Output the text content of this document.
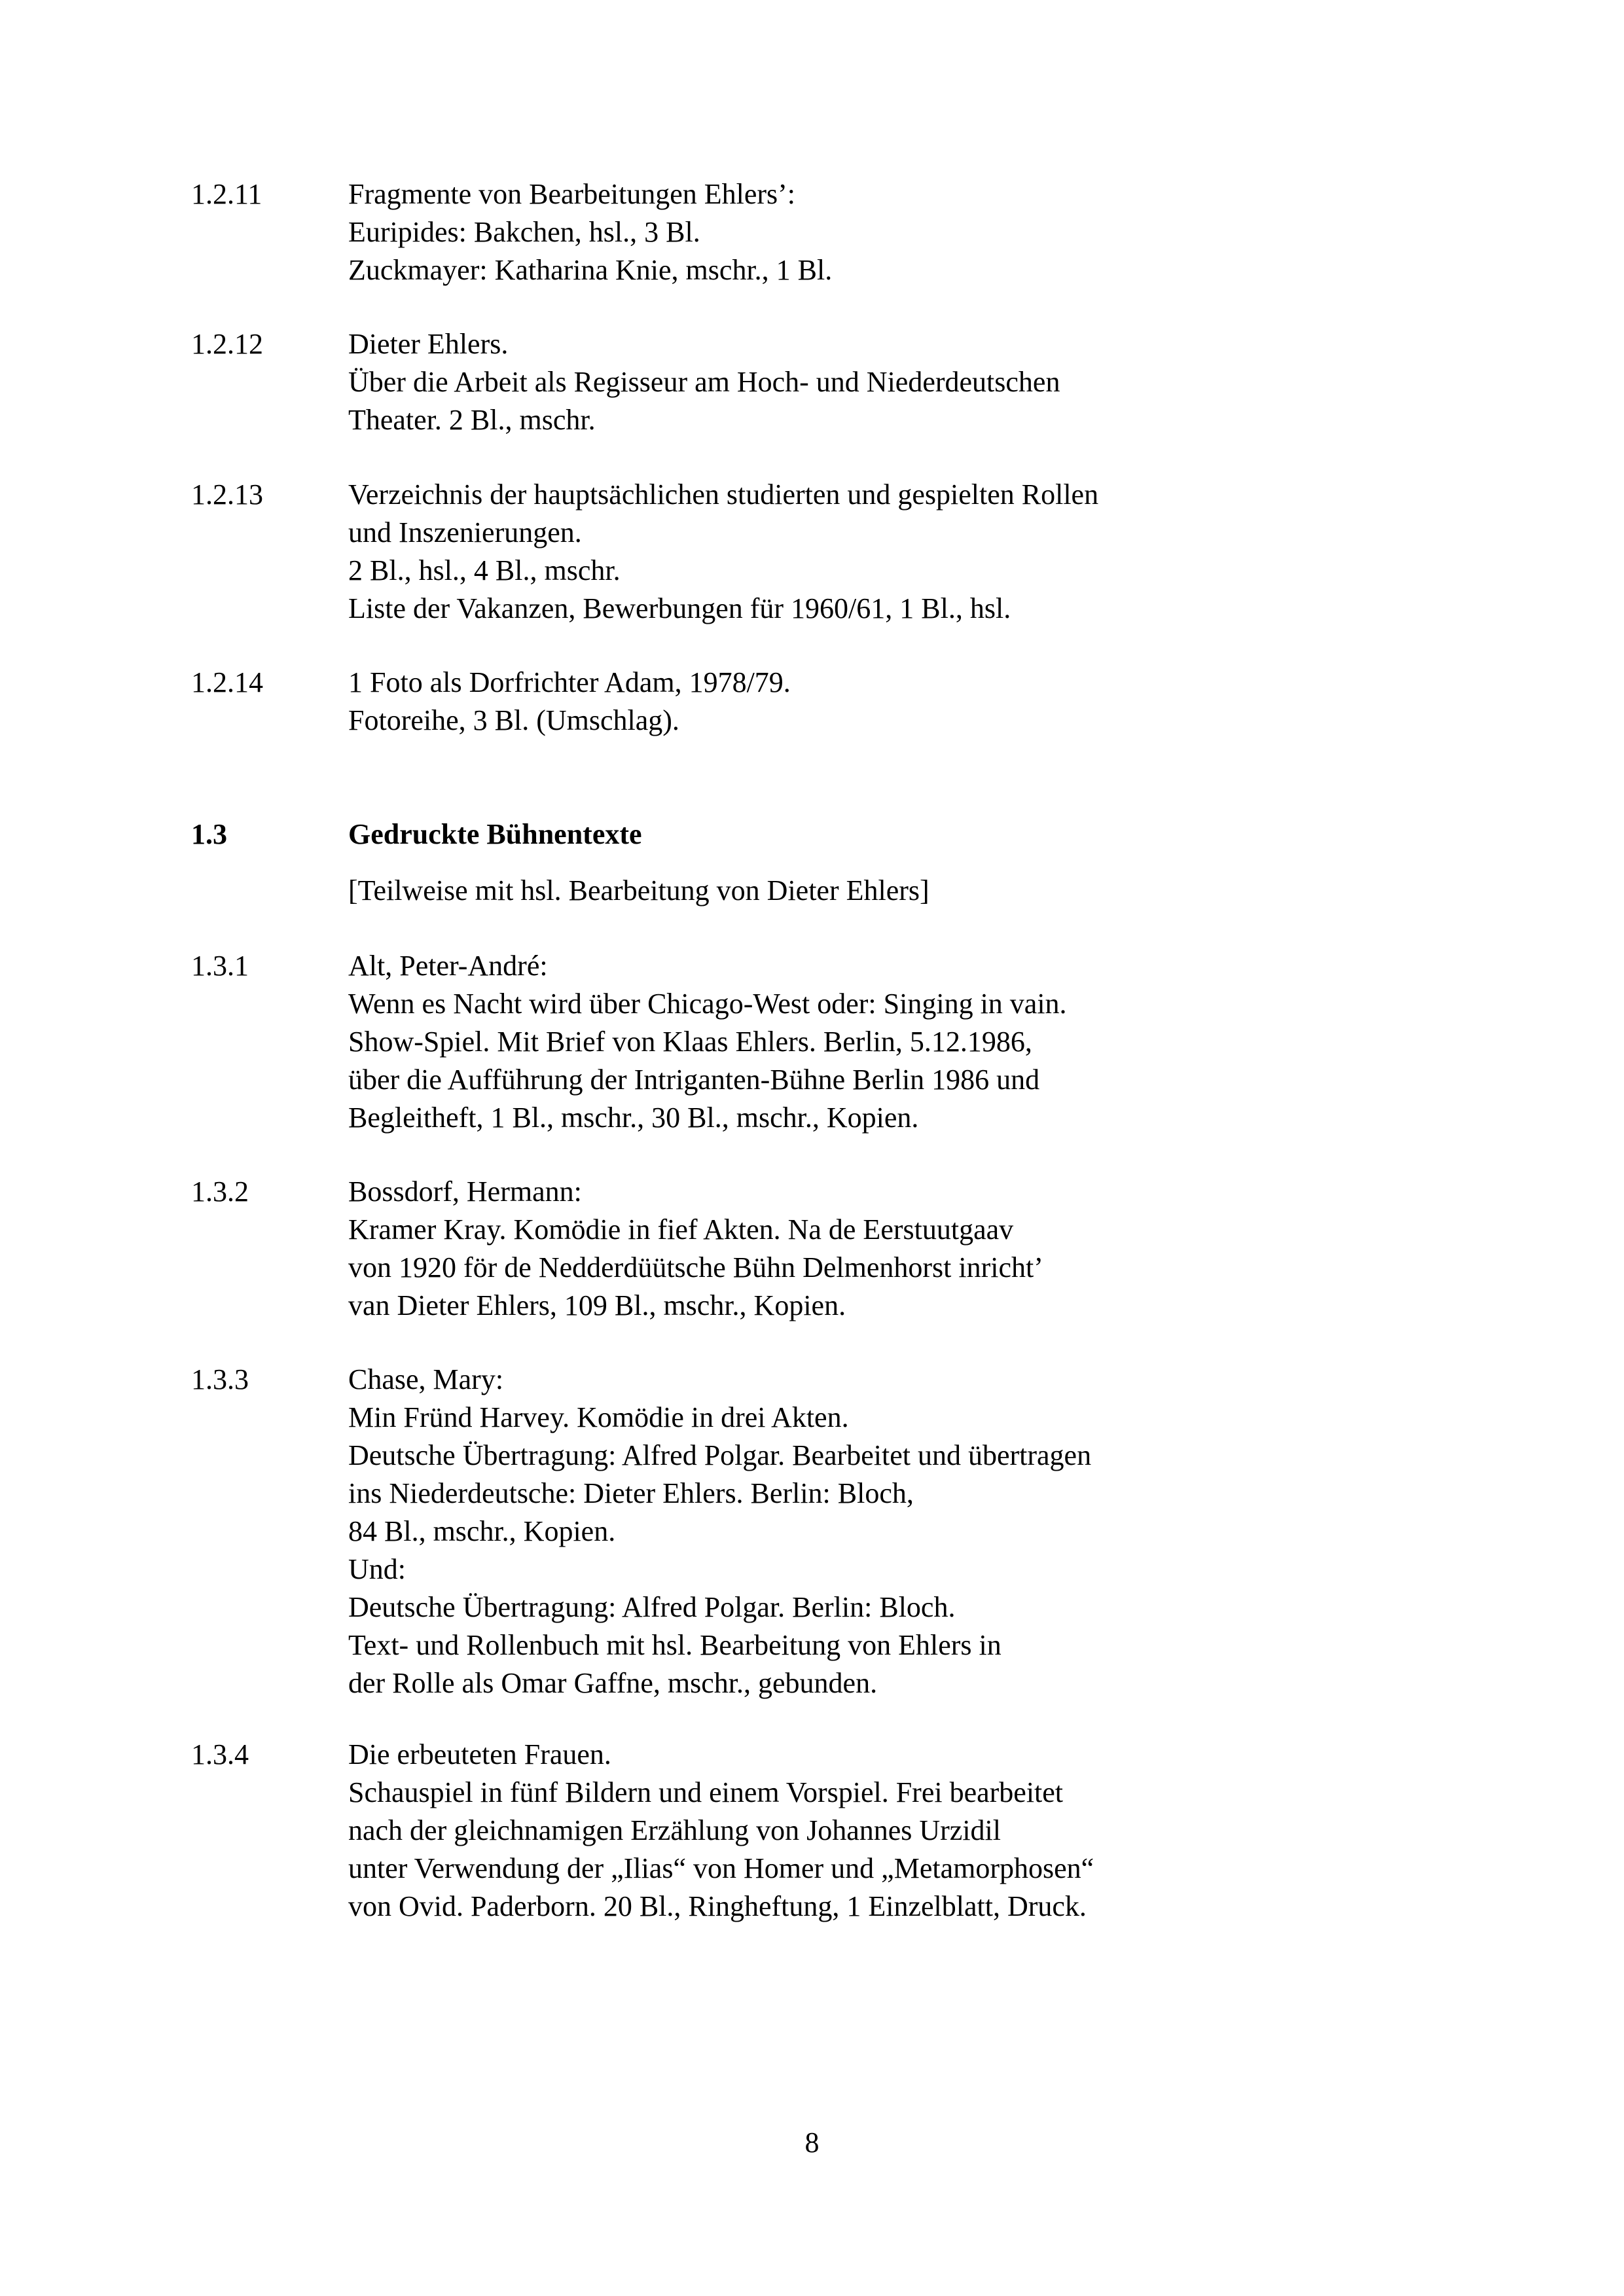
1.2.11	Fragmente von Bearbeitungen Ehlers’:
Euripides: Bakchen, hsl., 3 Bl.
Zuckmayer: Katharina Knie, mschr., 1 Bl.
1.2.12	Dieter Ehlers.
Über die Arbeit als Regisseur am Hoch- und Niederdeutschen
Theater. 2 Bl., mschr.
1.2.13	Verzeichnis der hauptsächlichen studierten und gespielten Rollen
und Inszenierungen.
2 Bl., hsl., 4 Bl., mschr.
Liste der Vakanzen, Bewerbungen für 1960/61, 1 Bl., hsl.
1.2.14	1 Foto als Dorfrichter Adam, 1978/79.
Fotoreihe, 3 Bl. (Umschlag).
1.3	Gedruckte Bühnentexte
[Teilweise mit hsl. Bearbeitung von Dieter Ehlers]
1.3.1	Alt, Peter-André:
Wenn es Nacht wird über Chicago-West oder: Singing in vain.
Show-Spiel. Mit Brief von Klaas Ehlers. Berlin, 5.12.1986,
über die Aufführung der Intriganten-Bühne Berlin 1986 und
Begleitheft, 1 Bl., mschr., 30 Bl., mschr., Kopien.
1.3.2	Bossdorf, Hermann:
Kramer Kray. Komödie in fief Akten. Na de Eerstuutgaav
von 1920 för de Nedderdüütsche Bühn Delmenhorst inricht’
van Dieter Ehlers, 109 Bl., mschr., Kopien.
1.3.3	Chase, Mary:
Min Fründ Harvey. Komödie in drei Akten.
Deutsche Übertragung: Alfred Polgar. Bearbeitet und übertragen
ins Niederdeutsche: Dieter Ehlers. Berlin: Bloch,
84 Bl., mschr., Kopien.
Und:
Deutsche Übertragung: Alfred Polgar. Berlin: Bloch.
Text- und Rollenbuch mit hsl. Bearbeitung von Ehlers in
der Rolle als Omar Gaffne, mschr., gebunden.
1.3.4	Die erbeuteten Frauen.
Schauspiel in fünf Bildern und einem Vorspiel. Frei bearbeitet
nach der gleichnamigen Erzählung von Johannes Urzidil
unter Verwendung der „Ilias“ von Homer und „Metamorphosen“
von Ovid. Paderborn. 20 Bl., Ringheftung, 1 Einzelblatt, Druck.
8
